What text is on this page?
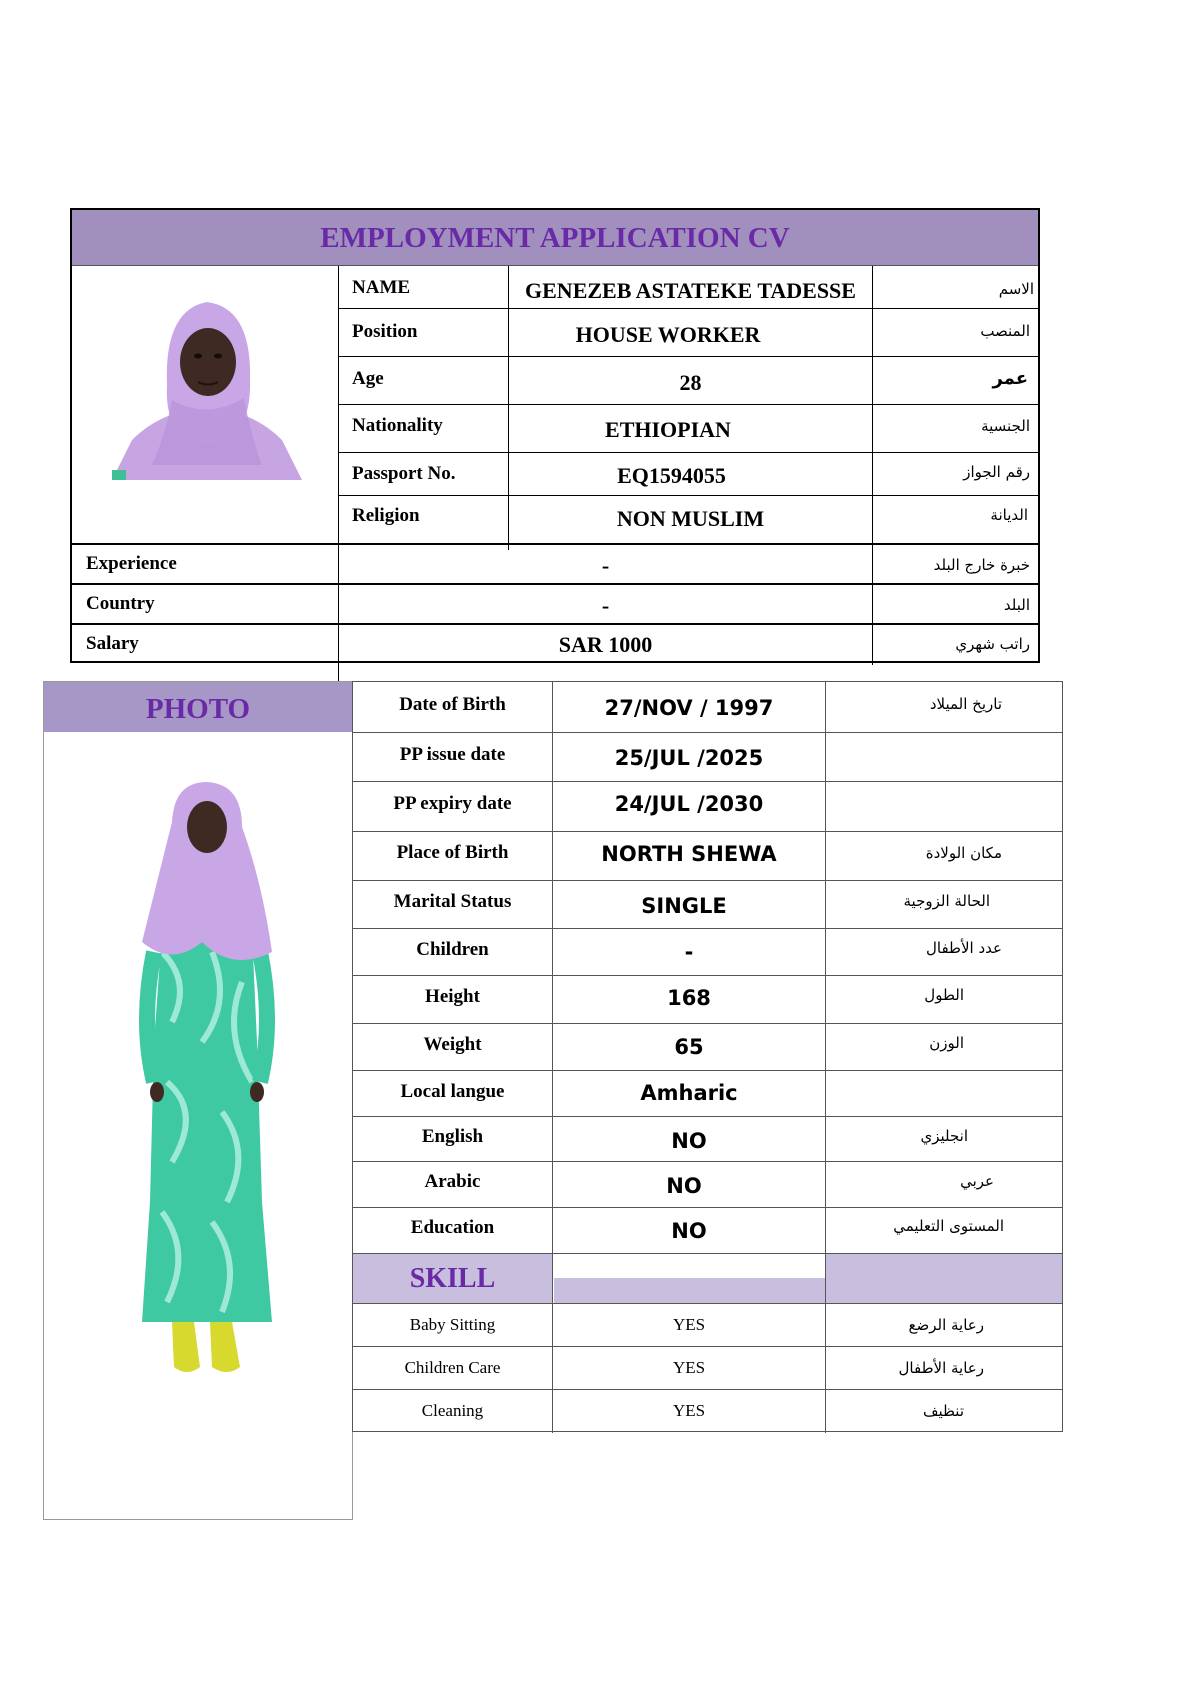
EMPLOYMENT APPLICATION CV
NAME	GENEZEB ASTATEKE TADESSE	الاسم
Position	HOUSE WORKER	المنصب
Age	28	عمر
Nationality	ETHIOPIAN	الجنسية
Passport No.	EQ1594055	رقم الجواز
Religion	NON MUSLIM	الديانة
Experience	-	خبرة خارج البلد
Country	-	البلد
Salary	SAR 1000	راتب شهري
PHOTO	Date of Birth	27/NOV / 1997	تاريخ الميلاد
PP issue date	25/JUL /2025
PP expiry date	24/JUL /2030
Place of Birth	NORTH SHEWA	مكان الولادة
Marital Status	SINGLE	الحالة الزوجية
Children	-	عدد الأطفال
Height	168	الطول
Weight	65	الوزن
Local langue	Amharic
English	NO	انجليزي
Arabic	NO	عربي
Education	NO	المستوى التعليمي
SKILL
Baby Sitting	YES	رعاية الرضع
Children Care	YES	رعاية الأطفال
Cleaning	YES	تنظيف
